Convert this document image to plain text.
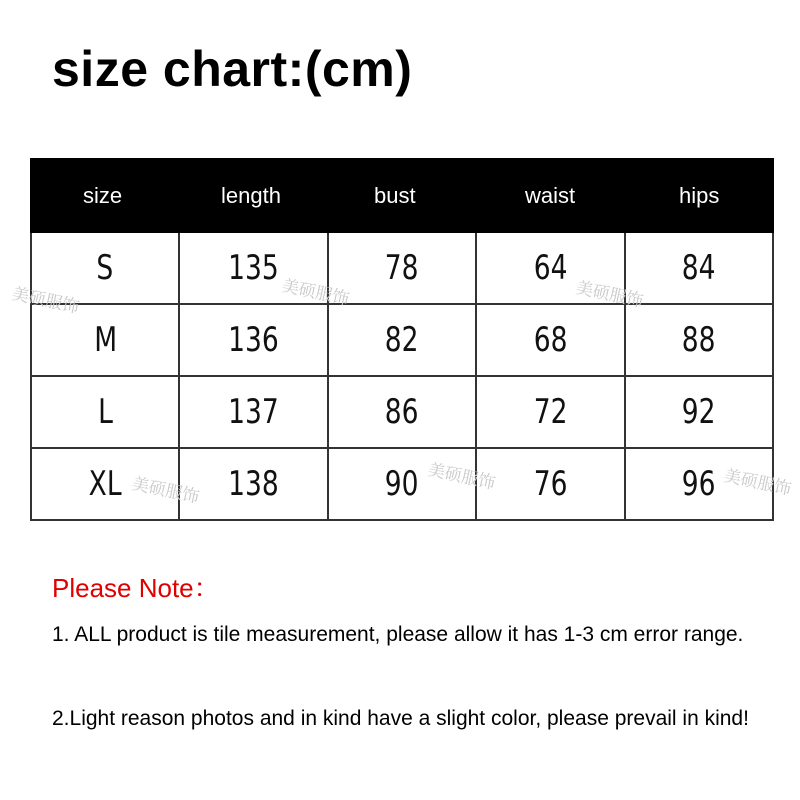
size chart:(cm)
size	length	bust	waist	hips
S	135	78	64	84
M	136	82	68	88
L	137	86	72	92
XL	138	90	76	96
美硕服饰
美硕服饰	美硕服饰
美硕服饰	美硕服饰	美硕服饰
Please Note：
1. ALL product is tile measurement, please allow it has 1-3 cm error range.
2.Light reason photos and in kind have a slight color, please prevail in kind!
